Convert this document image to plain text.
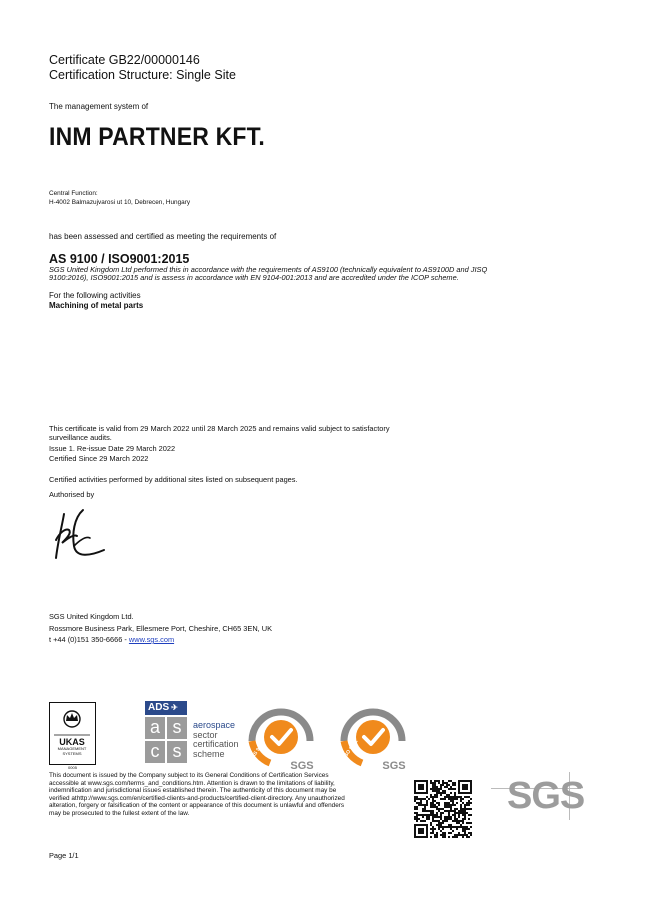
Certificate GB22/00000146
Certification Structure: Single Site
The management system of
INM PARTNER KFT.
Central Function:
H-4002 Balmazujvarosi ut 10, Debrecen, Hungary
has been assessed and certified as meeting the requirements of
AS 9100 / ISO9001:2015
SGS United Kingdom Ltd performed this in accordance with the requirements of AS9100 (technically equivalent to AS9100D and JISQ
9100:2016), ISO9001:2015 and is assess in accordance with EN 9104-001:2013 and are accredited under the ICOP scheme.
For the following activities
Machining of metal parts
This certificate is valid from 29 March 2022 until 28 March 2025 and remains valid subject to satisfactory
surveillance audits.
Issue 1. Re-issue Date 29 March 2022
Certified Since 29 March 2022
Certified activities performed by additional sites listed on subsequent pages.
Authorised by
SGS United Kingdom Ltd.
Rossmore Business Park, Ellesmere Port, Cheshire, CH65 3EN, UK
t +44 (0)151 350-6666 - www.sgs.com
UKAS
MANAGEMENT
SYSTEMS
0005
ADS ✈
a s
c s
aerospace
sector
certification
scheme
SYSTEM CERTIFICATION
AS 9100
SGS
SYSTEM CERTIFICATION
ISO 9001
SGS
This document is issued by the Company subject to its General Conditions of Certification Services
accessible at www.sgs.com/terms_and_conditions.htm. Attention is drawn to the limitations of liability,
indemnification and jurisdictional issues established therein. The authenticity of this document may be
verified athttp://www.sgs.com/en/certified-clients-and-products/certified-client-directory. Any unauthorized
alteration, forgery or falsification of the content or appearance of this document is unlawful and offenders
may be prosecuted to the fullest extent of the law.	SGS
Page 1/1
